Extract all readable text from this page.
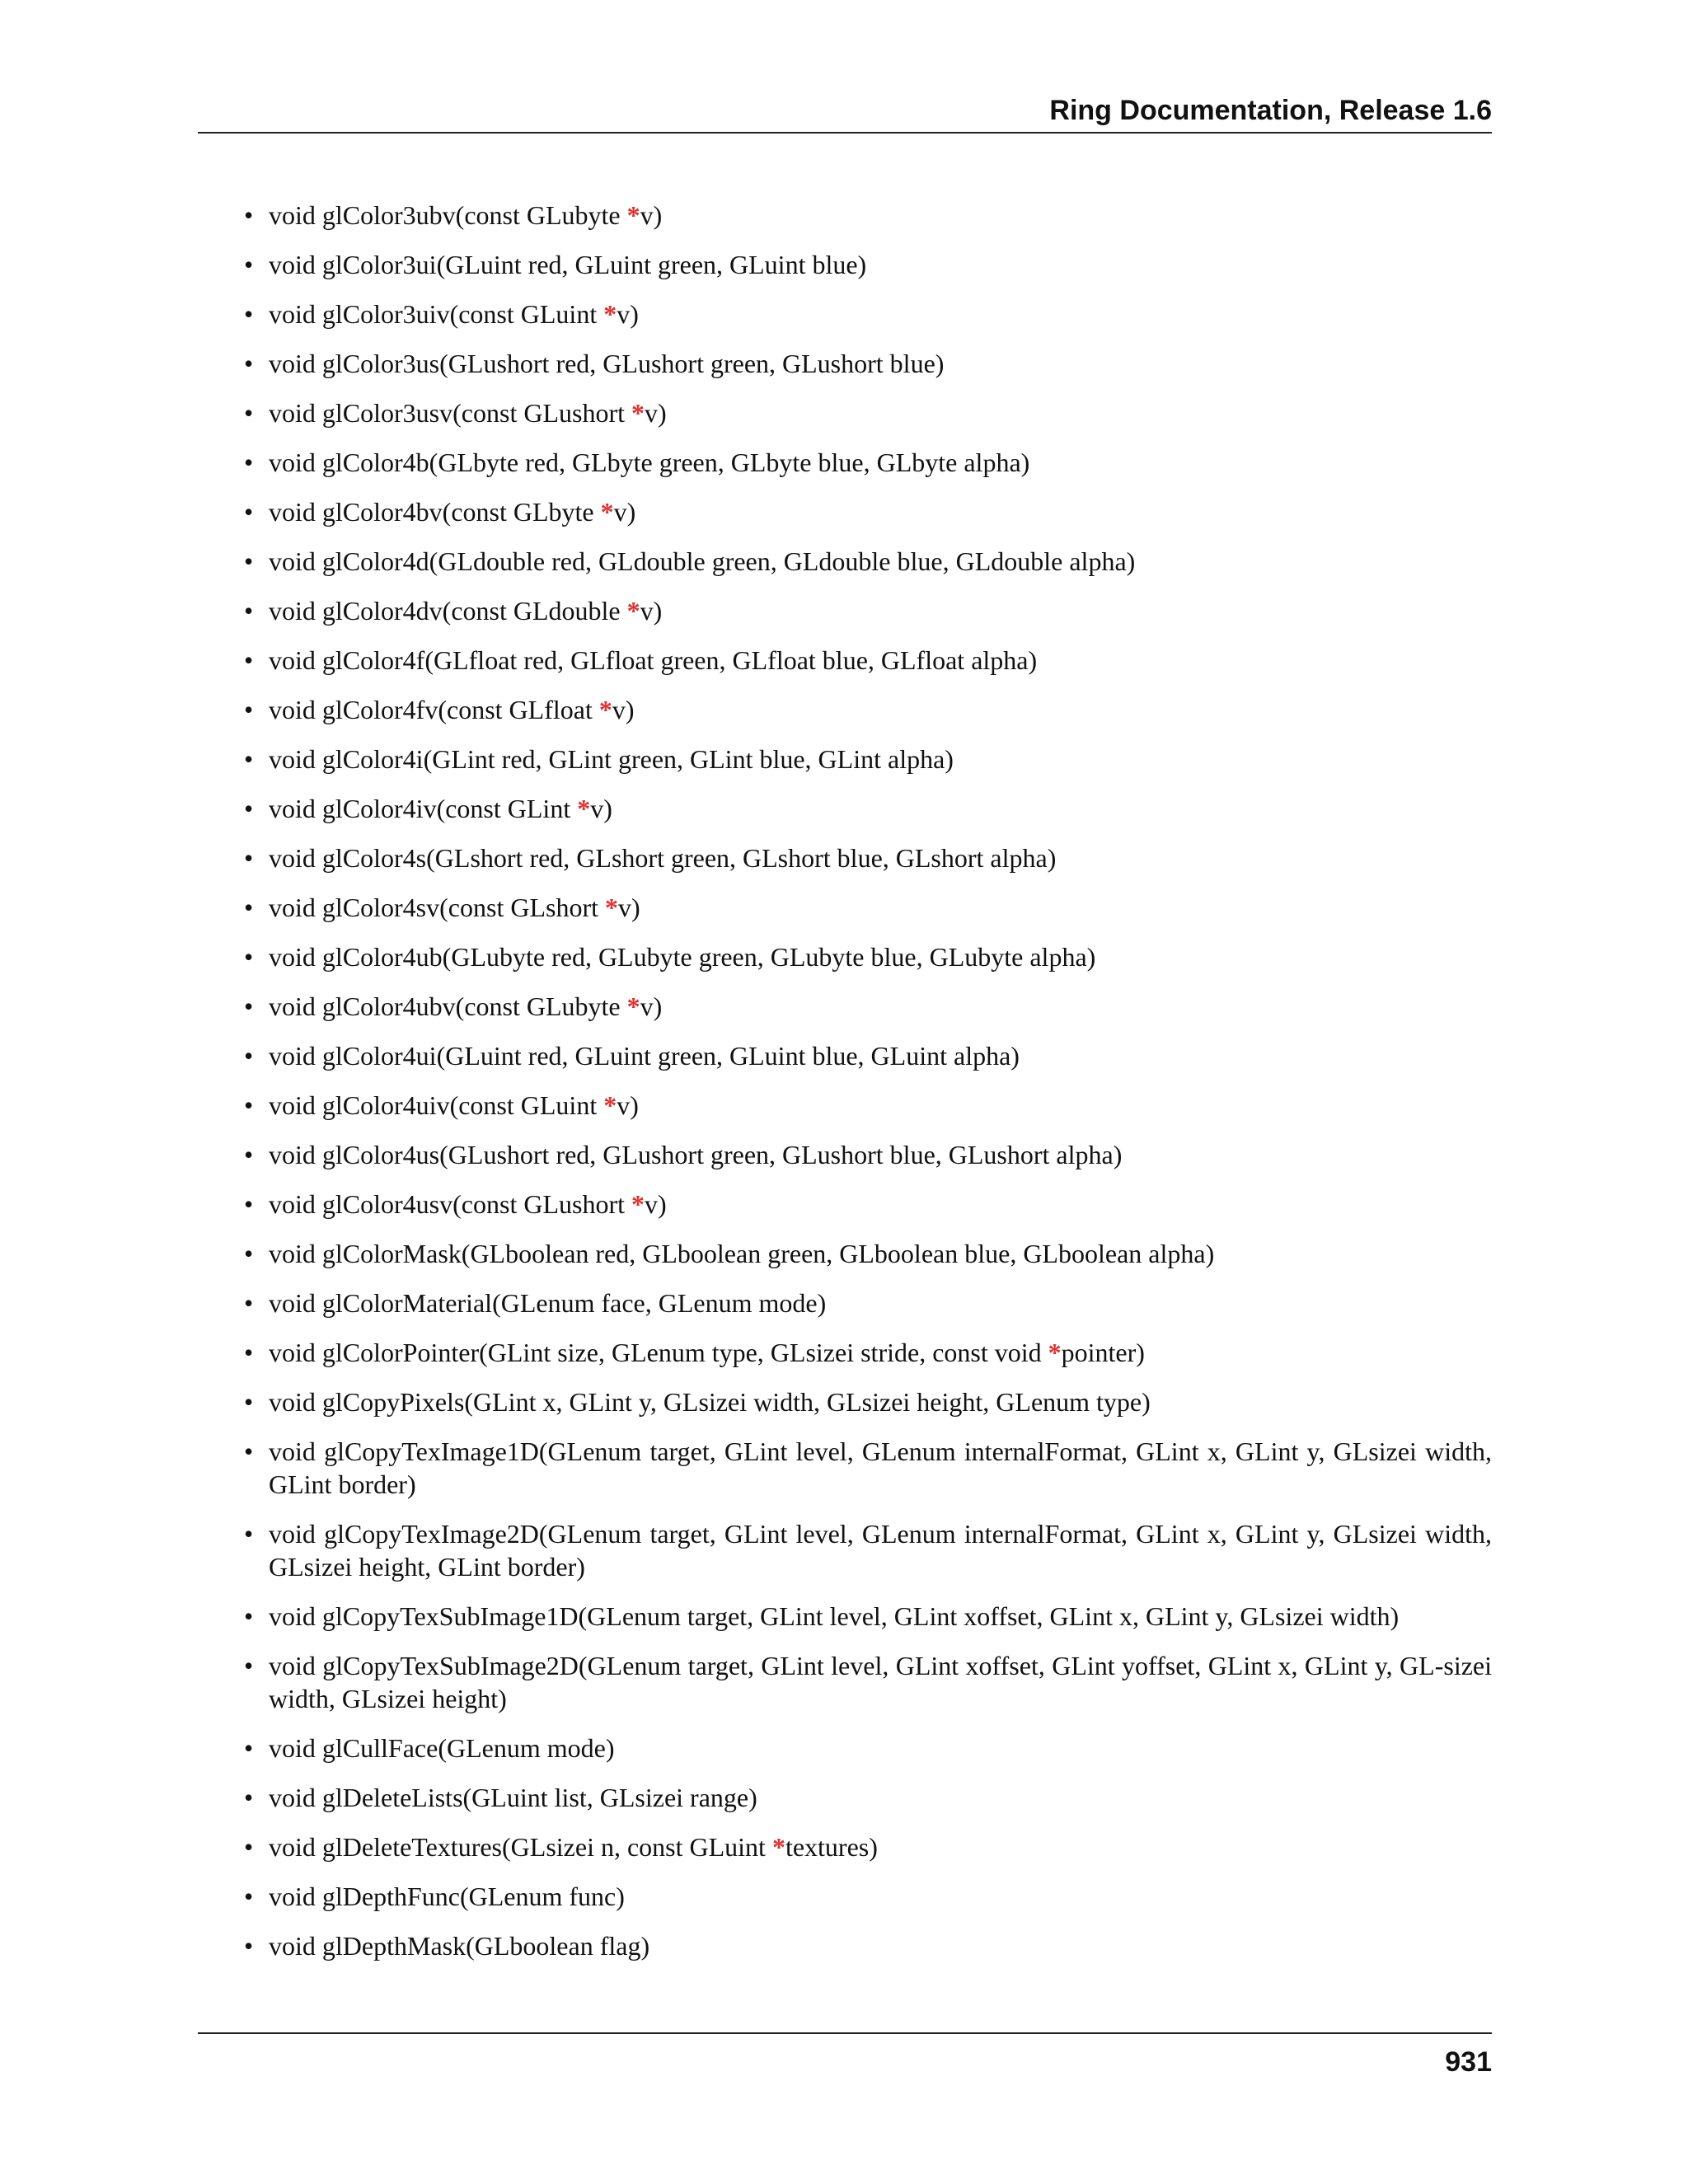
Ring Documentation, Release 1.6
• void glColor3ubv(const GLubyte *v)
• void glColor3ui(GLuint red, GLuint green, GLuint blue)
• void glColor3uiv(const GLuint *v)
• void glColor3us(GLushort red, GLushort green, GLushort blue)
• void glColor3usv(const GLushort *v)
• void glColor4b(GLbyte red, GLbyte green, GLbyte blue, GLbyte alpha)
• void glColor4bv(const GLbyte *v)
• void glColor4d(GLdouble red, GLdouble green, GLdouble blue, GLdouble alpha)
• void glColor4dv(const GLdouble *v)
• void glColor4f(GLfloat red, GLfloat green, GLfloat blue, GLfloat alpha)
• void glColor4fv(const GLfloat *v)
• void glColor4i(GLint red, GLint green, GLint blue, GLint alpha)
• void glColor4iv(const GLint *v)
• void glColor4s(GLshort red, GLshort green, GLshort blue, GLshort alpha)
• void glColor4sv(const GLshort *v)
• void glColor4ub(GLubyte red, GLubyte green, GLubyte blue, GLubyte alpha)
• void glColor4ubv(const GLubyte *v)
• void glColor4ui(GLuint red, GLuint green, GLuint blue, GLuint alpha)
• void glColor4uiv(const GLuint *v)
• void glColor4us(GLushort red, GLushort green, GLushort blue, GLushort alpha)
• void glColor4usv(const GLushort *v)
• void glColorMask(GLboolean red, GLboolean green, GLboolean blue, GLboolean alpha)
• void glColorMaterial(GLenum face, GLenum mode)
• void glColorPointer(GLint size, GLenum type, GLsizei stride, const void *pointer)
• void glCopyPixels(GLint x, GLint y, GLsizei width, GLsizei height, GLenum type)
• void glCopyTexImage1D(GLenum target, GLint level, GLenum internalFormat, GLint x, GLint y, GLsizei width, GLint border)
• void glCopyTexImage2D(GLenum target, GLint level, GLenum internalFormat, GLint x, GLint y, GLsizei width, GLsizei height, GLint border)
• void glCopyTexSubImage1D(GLenum target, GLint level, GLint xoffset, GLint x, GLint y, GLsizei width)
• void glCopyTexSubImage2D(GLenum target, GLint level, GLint xoffset, GLint yoffset, GLint x, GLint y, GL-sizei width, GLsizei height)
• void glCullFace(GLenum mode)
• void glDeleteLists(GLuint list, GLsizei range)
• void glDeleteTextures(GLsizei n, const GLuint *textures)
• void glDepthFunc(GLenum func)
• void glDepthMask(GLboolean flag)
931
